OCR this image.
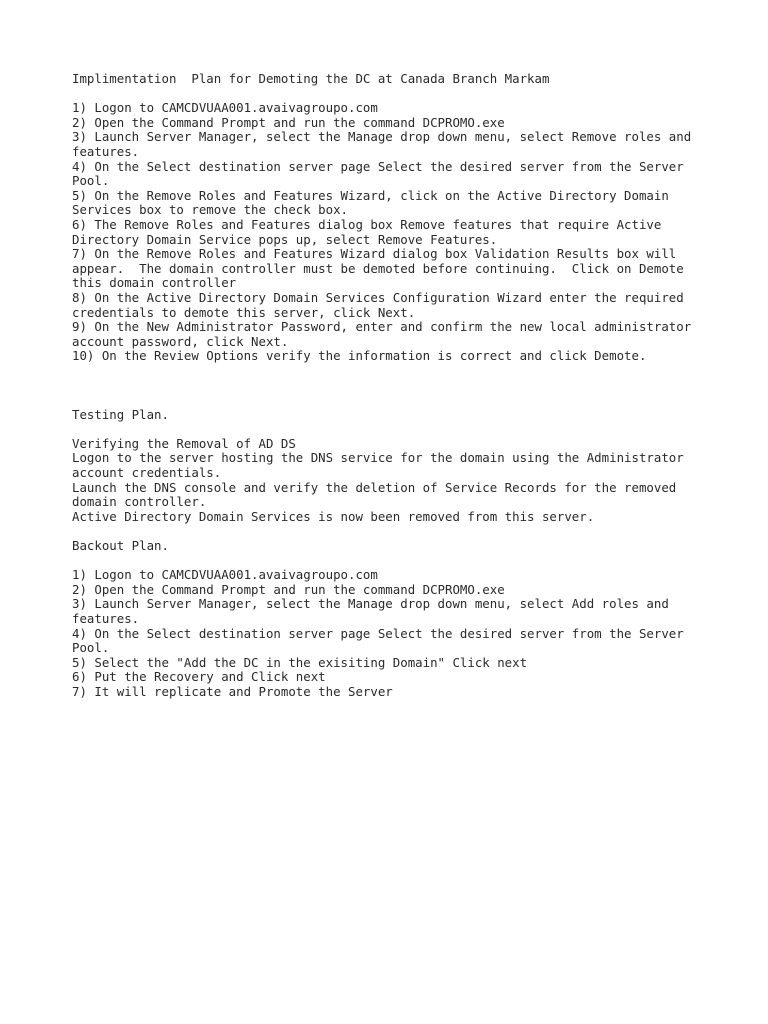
Implimentation  Plan for Demoting the DC at Canada Branch Markam
1) Logon to CAMCDVUAA001.avaivagroupo.com
2) Open the Command Prompt and run the command DCPROMO.exe
3) Launch Server Manager, select the Manage drop down menu, select Remove roles and
features.
4) On the Select destination server page Select the desired server from the Server
Pool.
5) On the Remove Roles and Features Wizard, click on the Active Directory Domain
Services box to remove the check box.
6) The Remove Roles and Features dialog box Remove features that require Active
Directory Domain Service pops up, select Remove Features.
7) On the Remove Roles and Features Wizard dialog box Validation Results box will
appear.  The domain controller must be demoted before continuing.  Click on Demote
this domain controller
8) On the Active Directory Domain Services Configuration Wizard enter the required
credentials to demote this server, click Next.
9) On the New Administrator Password, enter and confirm the new local administrator
account password, click Next.
10) On the Review Options verify the information is correct and click Demote.
Testing Plan.
Verifying the Removal of AD DS
Logon to the server hosting the DNS service for the domain using the Administrator
account credentials.
Launch the DNS console and verify the deletion of Service Records for the removed
domain controller.
Active Directory Domain Services is now been removed from this server.
Backout Plan.
1) Logon to CAMCDVUAA001.avaivagroupo.com
2) Open the Command Prompt and run the command DCPROMO.exe
3) Launch Server Manager, select the Manage drop down menu, select Add roles and
features.
4) On the Select destination server page Select the desired server from the Server
Pool.
5) Select the "Add the DC in the exisiting Domain" Click next
6) Put the Recovery and Click next
7) It will replicate and Promote the Server
